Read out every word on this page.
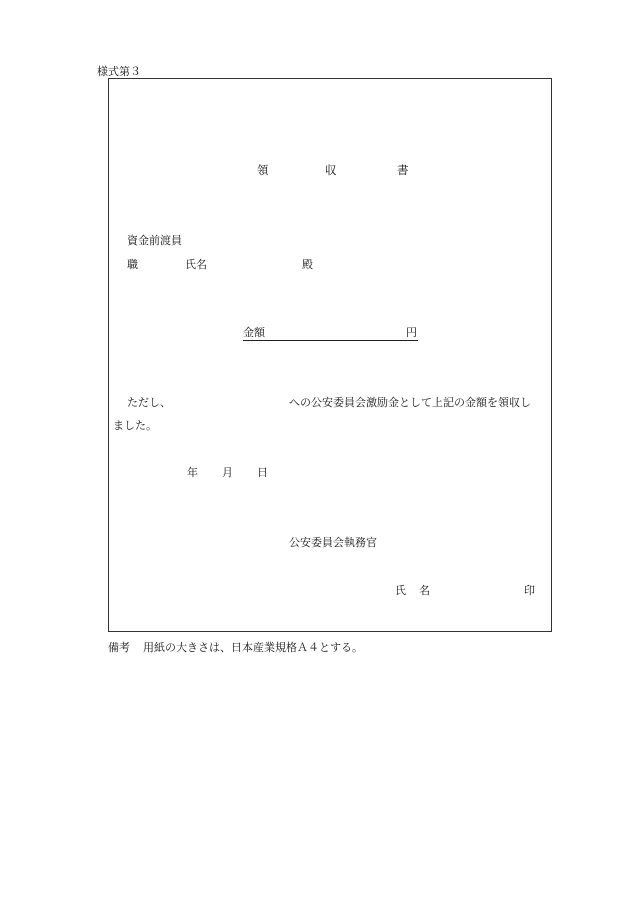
様式第３
領	収	書
資金前渡員
職	氏名	殿
金額	円
ただし、	への公安委員会激励金として上記の金額を領収し
ました。
年 月 日
公安委員会執務官
氏 名	印
備考 用紙の大きさは、日本産業規格Ａ４とする。
